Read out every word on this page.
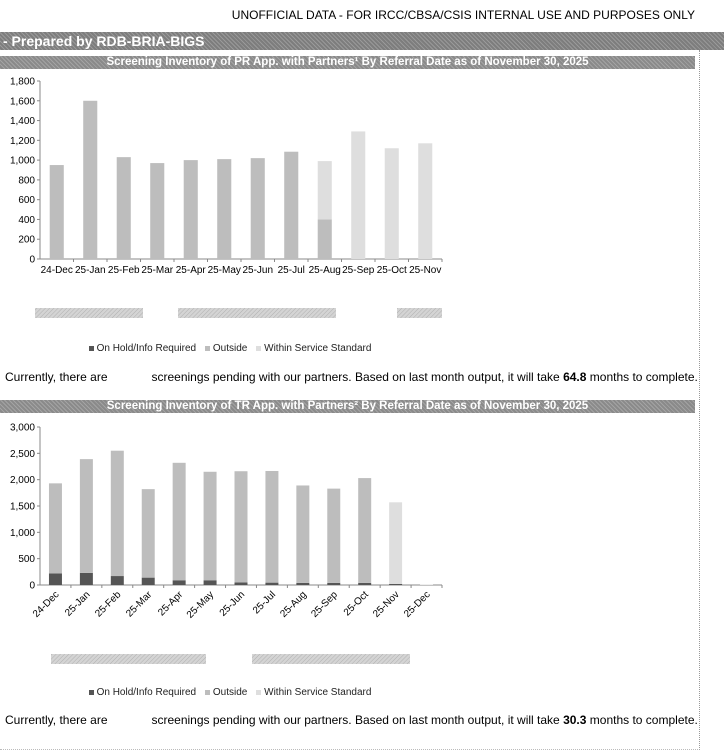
UNOFFICIAL DATA - FOR IRCC/CBSA/CSIS INTERNAL USE AND PURPOSES ONLY
- Prepared by RDB-BRIA-BIGS
Screening Inventory of PR App. with Partners¹ By Referral Date as of November 30, 2025
0
200
400
600
800
1,000
1,200
1,400
1,600
1,800
24-Dec 25-Jan 25-Feb 25-Mar 25-Apr 25-May 25-Jun 25-Jul 25-Aug 25-Sep 25-Oct 25-Nov
On Hold/Info Required Outside Within Service Standard
Currently, there are	screenings pending with our partners. Based on last month output, it will take 64.8 months to complete.
Screening Inventory of TR App. with Partners² By Referral Date as of November 30, 2025
0
500
1,000
1,500
2,000
2,500
3,000
24-Dec 25-Jan 25-Feb 25-Mar 25-Apr 25-May 25-Jun 25-Jul 25-Aug 25-Sep 25-Oct 25-Nov 25-Dec
On Hold/Info Required Outside Within Service Standard
Currently, there are	screenings pending with our partners. Based on last month output, it will take 30.3 months to complete.
